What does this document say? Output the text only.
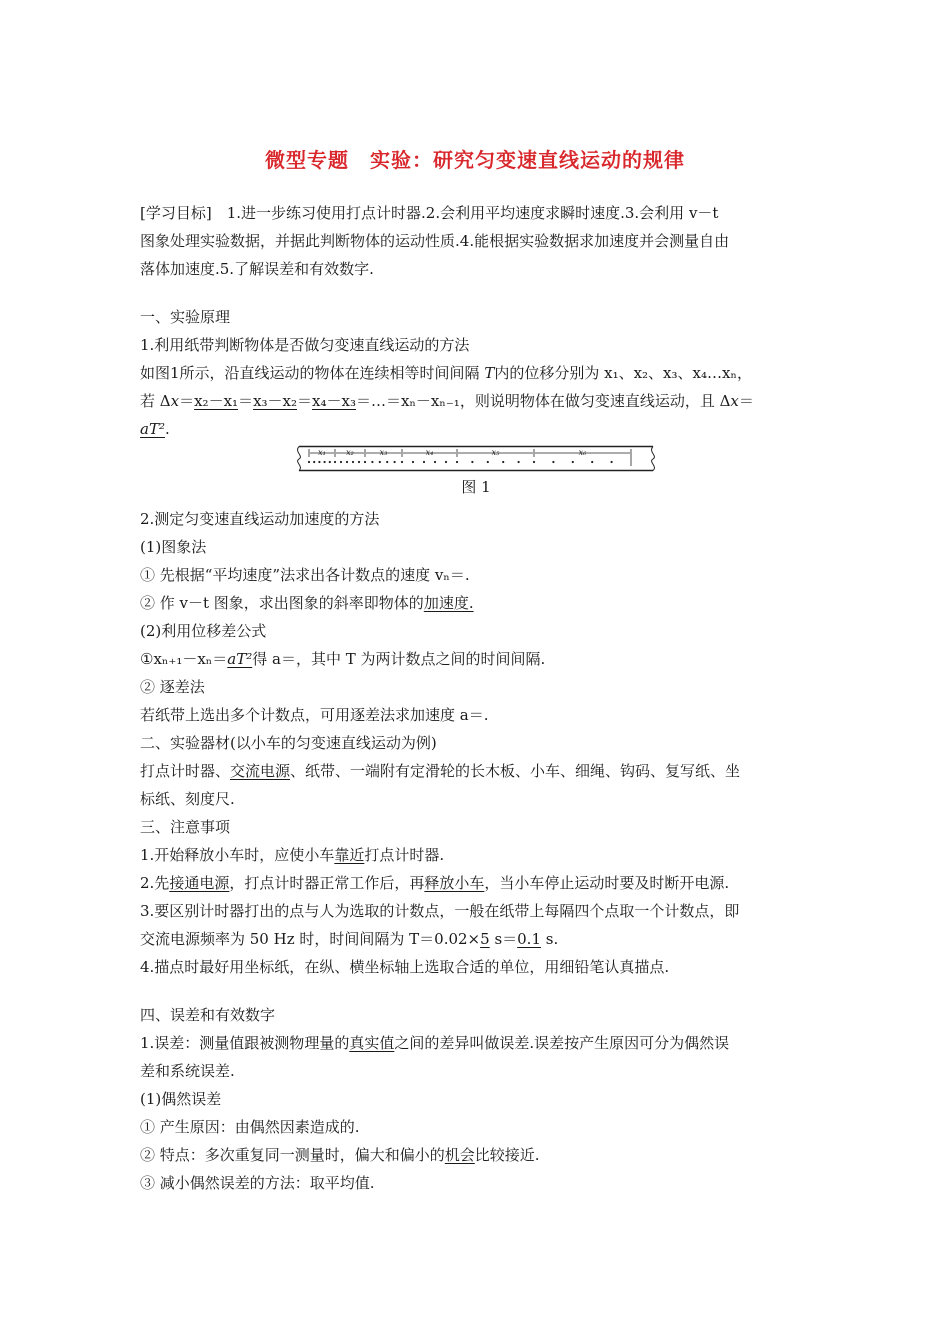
微型专题　实验：研究匀变速直线运动的规律
[学习目标]　1.进一步练习使用打点计时器.2.会利用平均速度求瞬时速度.3.会利用 v－t
图象处理实验数据，并据此判断物体的运动性质.4.能根据实验数据求加速度并会测量自由
落体加速度.5.了解误差和有效数字.
一、实验原理
1.利用纸带判断物体是否做匀变速直线运动的方法
如图1所示，沿直线运动的物体在连续相等时间间隔 T内的位移分别为 x₁、x₂、x₃、x₄…xₙ，
若 Δx＝x₂－x₁＝x₃－x₂＝x₄－x₃＝…＝xₙ－xₙ₋₁，则说明物体在做匀变速直线运动，且 Δx＝
aT².
x₁	x₂	x₃	x₄	x₅	x₆
图 1
2.测定匀变速直线运动加速度的方法
(1)图象法
① 先根据“平均速度”法求出各计数点的速度 vₙ＝.
② 作 v－t 图象，求出图象的斜率即物体的加速度.
(2)利用位移差公式
①xₙ₊₁－xₙ＝aT²得 a＝，其中 T 为两计数点之间的时间间隔.
② 逐差法
若纸带上选出多个计数点，可用逐差法求加速度 a＝.
二、实验器材(以小车的匀变速直线运动为例)
打点计时器、交流电源、纸带、一端附有定滑轮的长木板、小车、细绳、钩码、复写纸、坐
标纸、刻度尺.
三、注意事项
1.开始释放小车时，应使小车靠近打点计时器.
2.先接通电源，打点计时器正常工作后，再释放小车，当小车停止运动时要及时断开电源.
3.要区别计时器打出的点与人为选取的计数点，一般在纸带上每隔四个点取一个计数点，即
交流电源频率为 50 Hz 时，时间间隔为 T＝0.02×5 s＝0.1 s.
4.描点时最好用坐标纸，在纵、横坐标轴上选取合适的单位，用细铅笔认真描点.
四、误差和有效数字
1.误差：测量值跟被测物理量的真实值之间的差异叫做误差.误差按产生原因可分为偶然误
差和系统误差.
(1)偶然误差
① 产生原因：由偶然因素造成的.
② 特点：多次重复同一测量时，偏大和偏小的机会比较接近.
③ 减小偶然误差的方法：取平均值.
